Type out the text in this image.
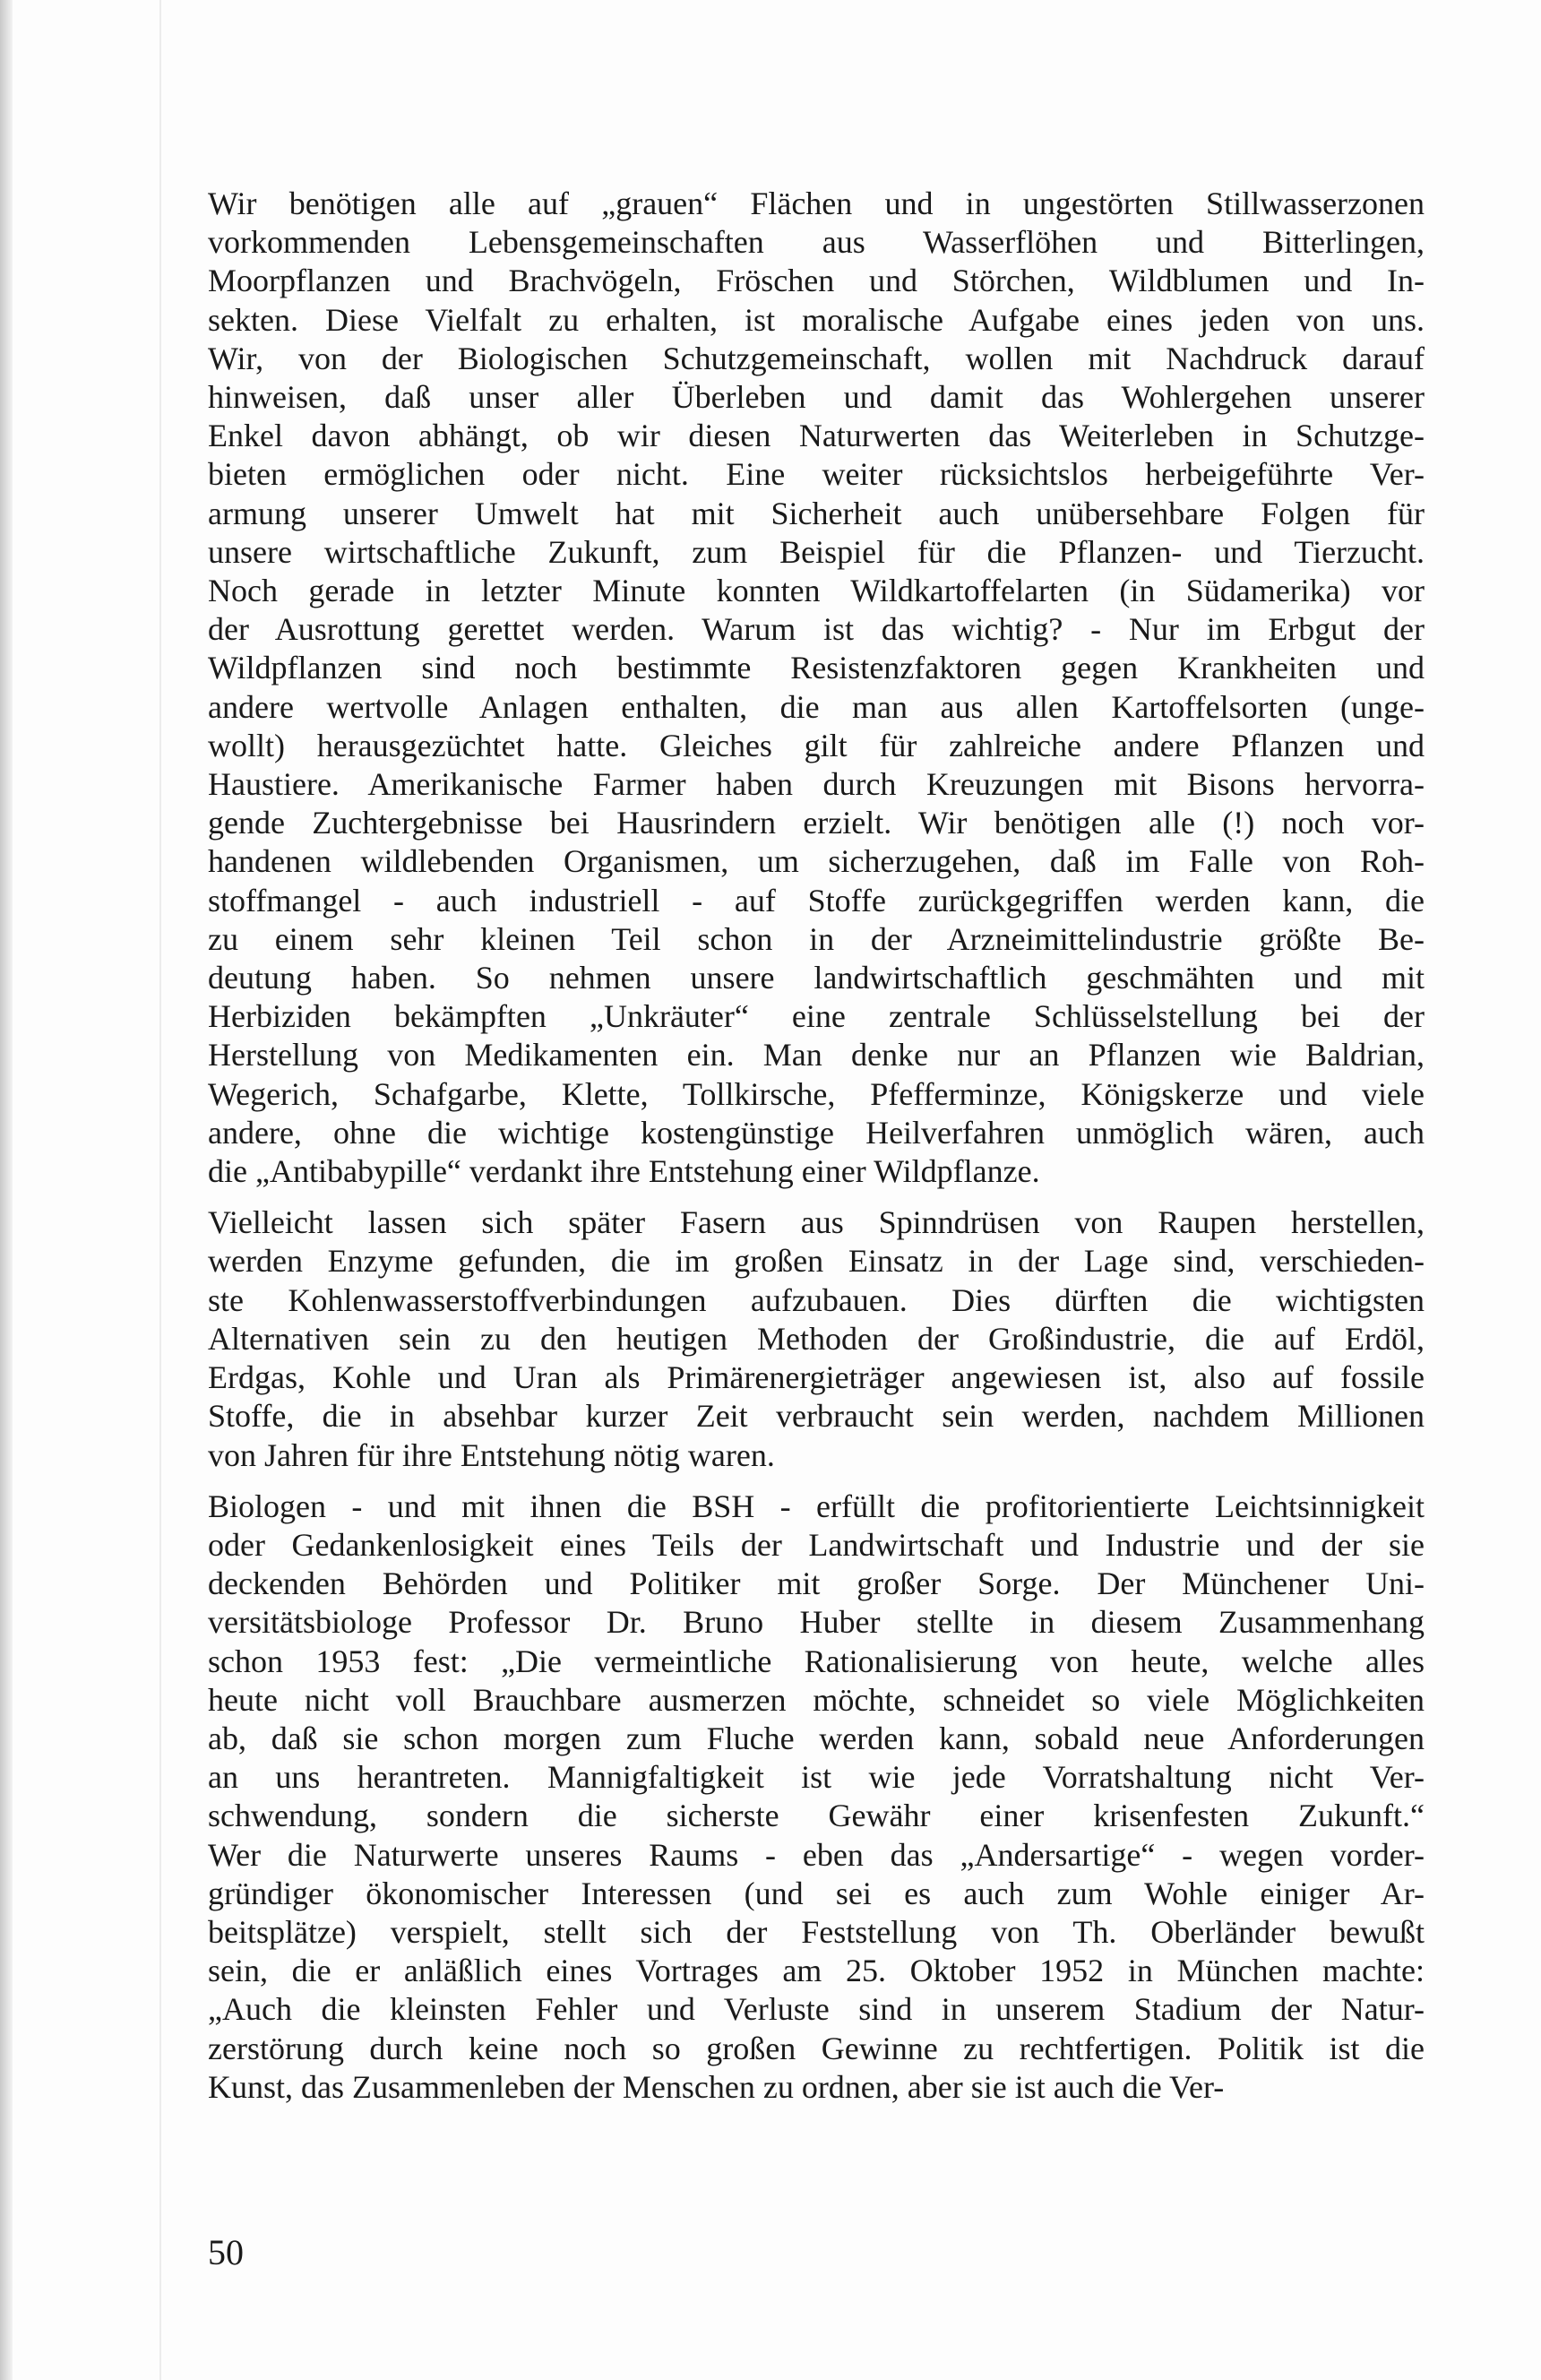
Wir benötigen alle auf „grauen“ Flächen und in ungestörten Stillwasserzonen
vorkommenden Lebensgemeinschaften aus Wasserflöhen und Bitterlingen,
Moorpflanzen und Brachvögeln, Fröschen und Störchen, Wildblumen und In-
sekten. Diese Vielfalt zu erhalten, ist moralische Aufgabe eines jeden von uns.
Wir, von der Biologischen Schutzgemeinschaft, wollen mit Nachdruck darauf
hinweisen, daß unser aller Überleben und damit das Wohlergehen unserer
Enkel davon abhängt, ob wir diesen Naturwerten das Weiterleben in Schutzge-
bieten ermöglichen oder nicht. Eine weiter rücksichtslos herbeigeführte Ver-
armung unserer Umwelt hat mit Sicherheit auch unübersehbare Folgen für
unsere wirtschaftliche Zukunft, zum Beispiel für die Pflanzen- und Tierzucht.
Noch gerade in letzter Minute konnten Wildkartoffelarten (in Südamerika) vor
der Ausrottung gerettet werden. Warum ist das wichtig? - Nur im Erbgut der
Wildpflanzen sind noch bestimmte Resistenzfaktoren gegen Krankheiten und
andere wertvolle Anlagen enthalten, die man aus allen Kartoffelsorten (unge-
wollt) herausgezüchtet hatte. Gleiches gilt für zahlreiche andere Pflanzen und
Haustiere. Amerikanische Farmer haben durch Kreuzungen mit Bisons hervorra-
gende Zuchtergebnisse bei Hausrindern erzielt. Wir benötigen alle (!) noch vor-
handenen wildlebenden Organismen, um sicherzugehen, daß im Falle von Roh-
stoffmangel - auch industriell - auf Stoffe zurückgegriffen werden kann, die
zu einem sehr kleinen Teil schon in der Arzneimittelindustrie größte Be-
deutung haben. So nehmen unsere landwirtschaftlich geschmähten und mit
Herbiziden bekämpften „Unkräuter“ eine zentrale Schlüsselstellung bei der
Herstellung von Medikamenten ein. Man denke nur an Pflanzen wie Baldrian,
Wegerich, Schafgarbe, Klette, Tollkirsche, Pfefferminze, Königskerze und viele
andere, ohne die wichtige kostengünstige Heilverfahren unmöglich wären, auch
die „Antibabypille“ verdankt ihre Entstehung einer Wildpflanze.

Vielleicht lassen sich später Fasern aus Spinndrüsen von Raupen herstellen,
werden Enzyme gefunden, die im großen Einsatz in der Lage sind, verschieden-
ste Kohlenwasserstoffverbindungen aufzubauen. Dies dürften die wichtigsten
Alternativen sein zu den heutigen Methoden der Großindustrie, die auf Erdöl,
Erdgas, Kohle und Uran als Primärenergieträger angewiesen ist, also auf fossile
Stoffe, die in absehbar kurzer Zeit verbraucht sein werden, nachdem Millionen
von Jahren für ihre Entstehung nötig waren.

Biologen - und mit ihnen die BSH - erfüllt die profitorientierte Leichtsinnigkeit
oder Gedankenlosigkeit eines Teils der Landwirtschaft und Industrie und der sie
deckenden Behörden und Politiker mit großer Sorge. Der Münchener Uni-
versitätsbiologe Professor Dr. Bruno Huber stellte in diesem Zusammenhang
schon 1953 fest: „Die vermeintliche Rationalisierung von heute, welche alles
heute nicht voll Brauchbare ausmerzen möchte, schneidet so viele Möglichkeiten
ab, daß sie schon morgen zum Fluche werden kann, sobald neue Anforderungen
an uns herantreten. Mannigfaltigkeit ist wie jede Vorratshaltung nicht Ver-
schwendung, sondern die sicherste Gewähr einer krisenfesten Zukunft.“
Wer die Naturwerte unseres Raums - eben das „Andersartige“ - wegen vorder-
gründiger ökonomischer Interessen (und sei es auch zum Wohle einiger Ar-
beitsplätze) verspielt, stellt sich der Feststellung von Th. Oberländer bewußt
sein, die er anläßlich eines Vortrages am 25. Oktober 1952 in München machte:
„Auch die kleinsten Fehler und Verluste sind in unserem Stadium der Natur-
zerstörung durch keine noch so großen Gewinne zu rechtfertigen. Politik ist die
Kunst, das Zusammenleben der Menschen zu ordnen, aber sie ist auch die Ver-

50
